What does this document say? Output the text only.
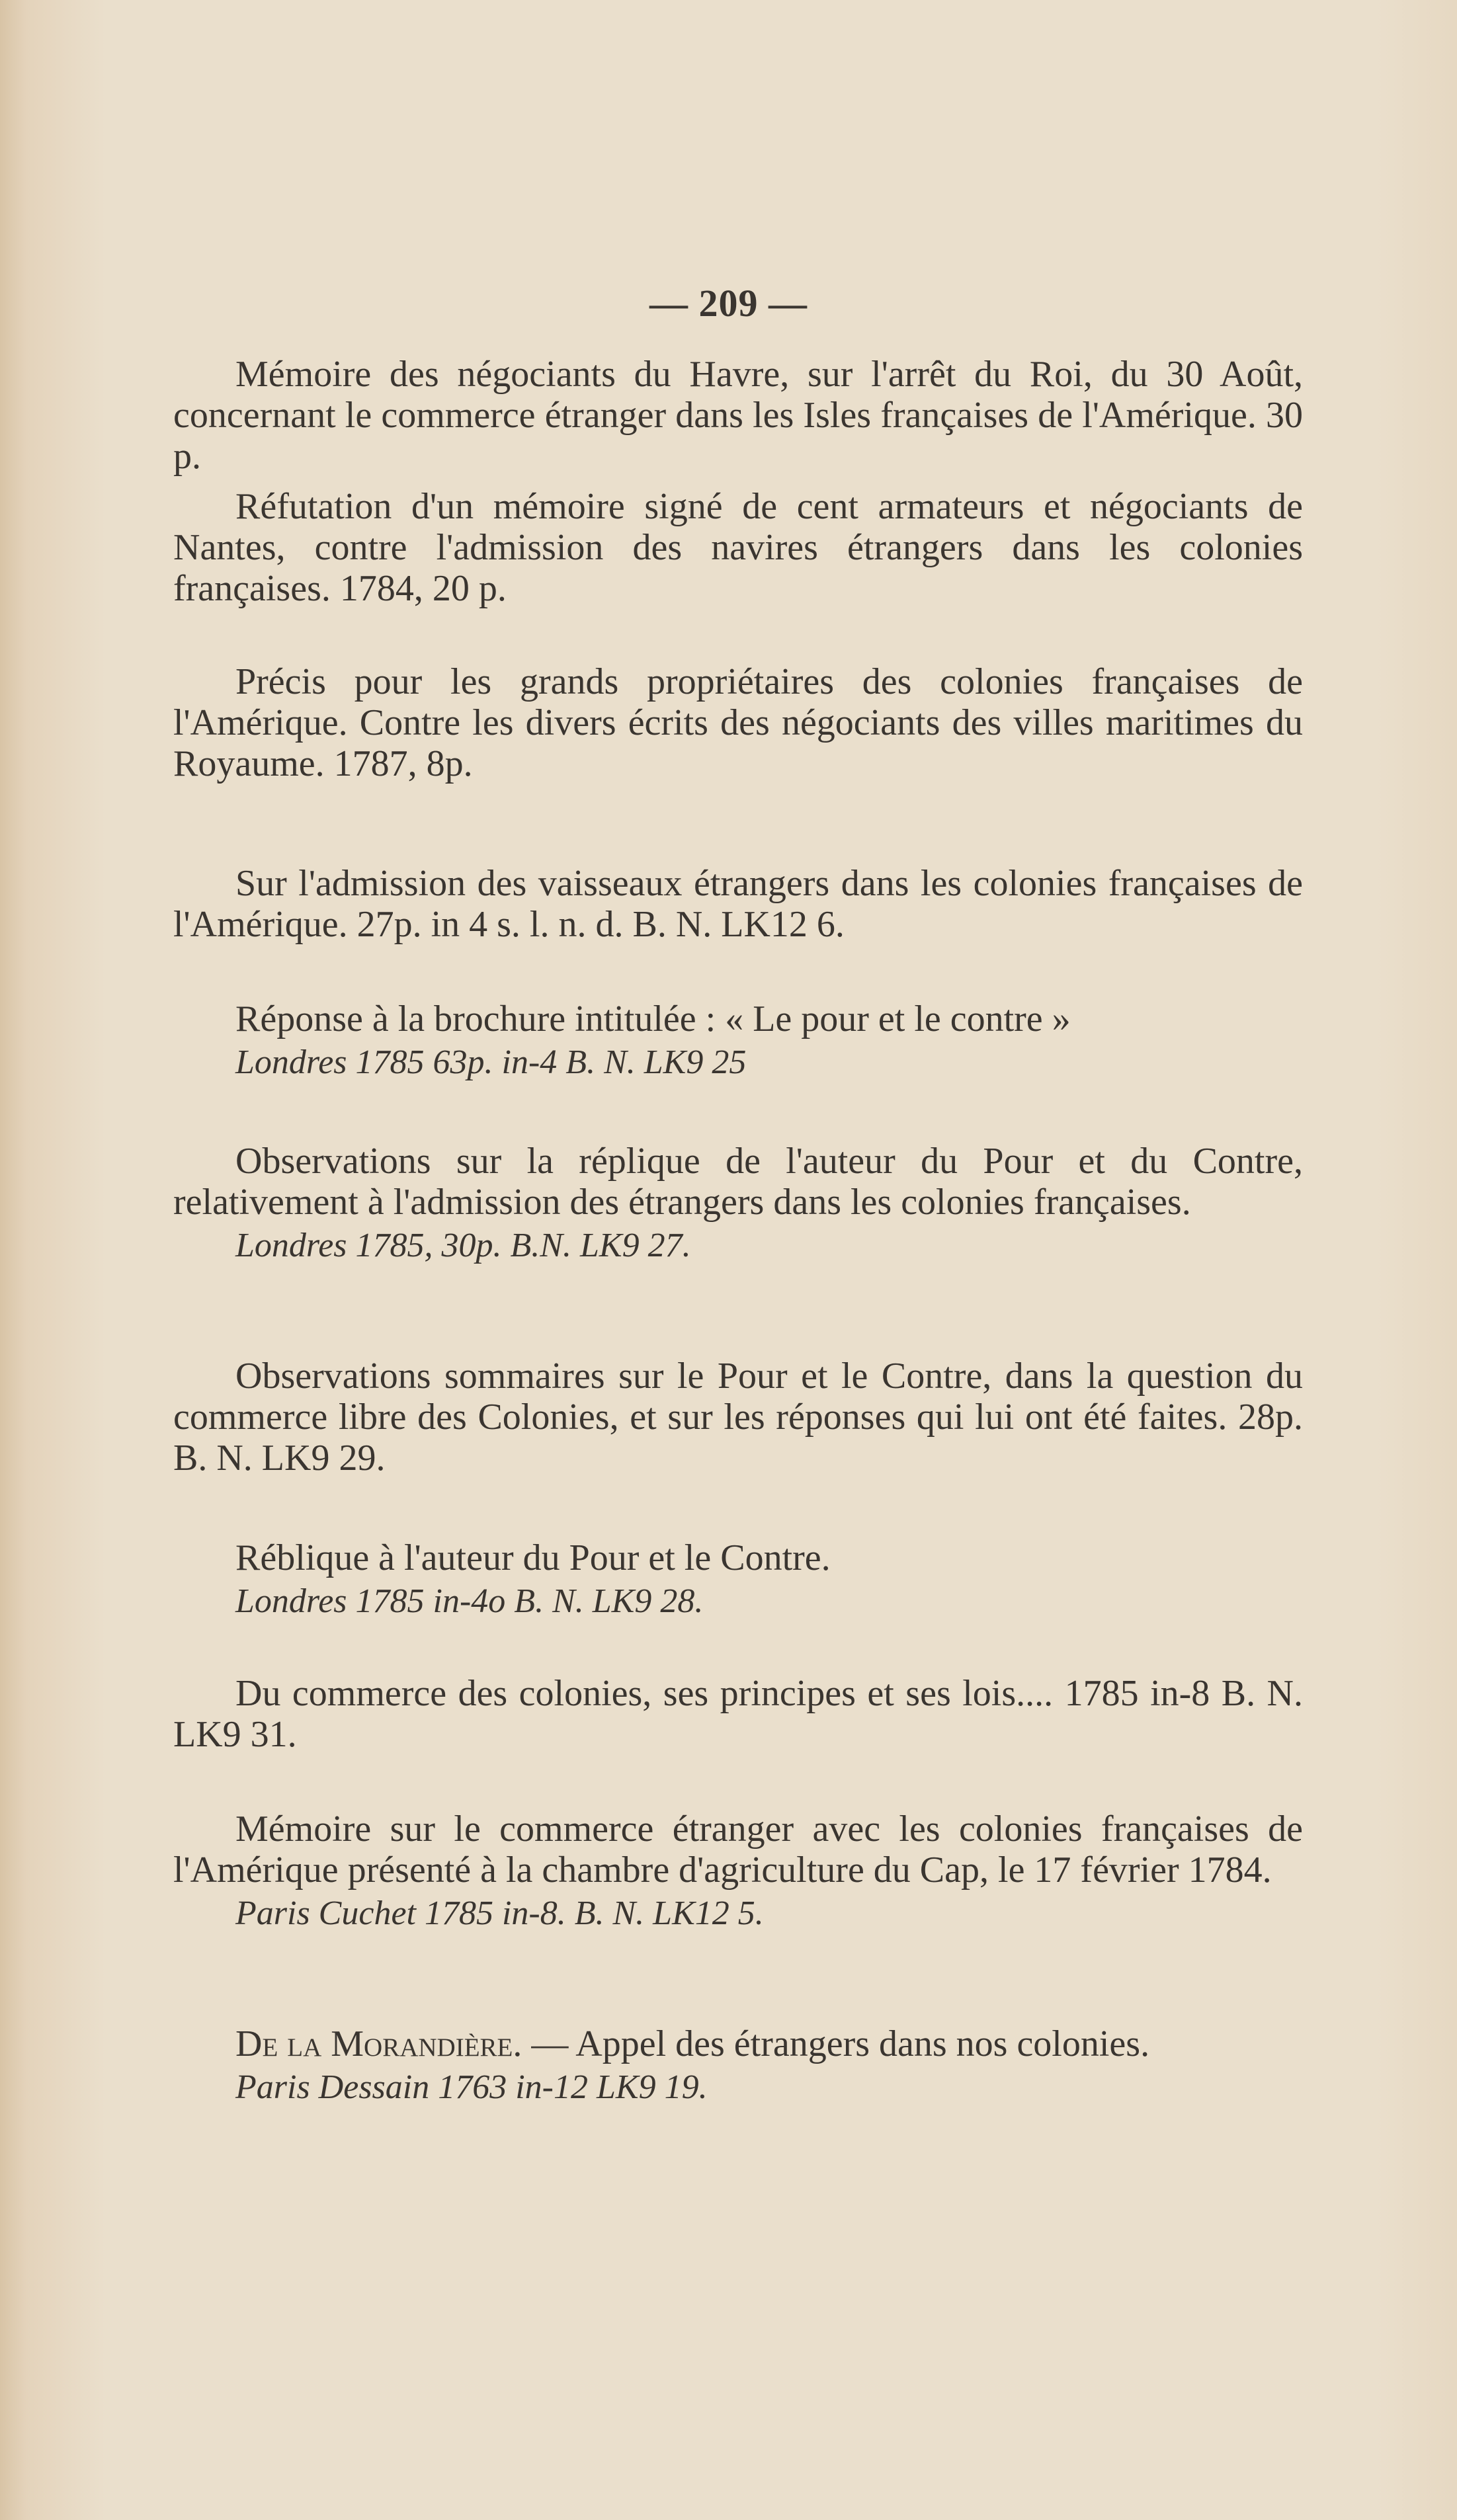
— 209 —

Mémoire des négociants du Havre, sur l'arrêt du Roi, du 30 Août, concernant le commerce étranger dans les Isles françaises de l'Amérique. 30 p.

Réfutation d'un mémoire signé de cent armateurs et négociants de Nantes, contre l'admission des navires étrangers dans les colonies françaises. 1784, 20 p.

Précis pour les grands propriétaires des colonies françaises de l'Amérique. Contre les divers écrits des négociants des villes maritimes du Royaume. 1787, 8p.

Sur l'admission des vaisseaux étrangers dans les colonies françaises de l'Amérique. 27p. in 4 s. l. n. d. B. N. LK12 6.

Réponse à la brochure intitulée : « Le pour et le contre »

Londres 1785 63p. in-4 B. N. LK9 25

Observations sur la réplique de l'auteur du Pour et du Contre, relativement à l'admission des étrangers dans les colonies françaises.

Londres 1785, 30p. B.N. LK9 27.

Observations sommaires sur le Pour et le Contre, dans la question du commerce libre des Colonies, et sur les réponses qui lui ont été faites. 28p. B. N. LK9 29.

Réblique à l'auteur du Pour et le Contre.

Londres 1785 in-4o B. N. LK9 28.

Du commerce des colonies, ses principes et ses lois.... 1785 in-8 B. N. LK9 31.

Mémoire sur le commerce étranger avec les colonies françaises de l'Amérique présenté à la chambre d'agriculture du Cap, le 17 février 1784.

Paris Cuchet 1785 in-8. B. N. LK12 5.

De la Morandière. — Appel des étrangers dans nos colonies.

Paris Dessain 1763 in-12 LK9 19.
